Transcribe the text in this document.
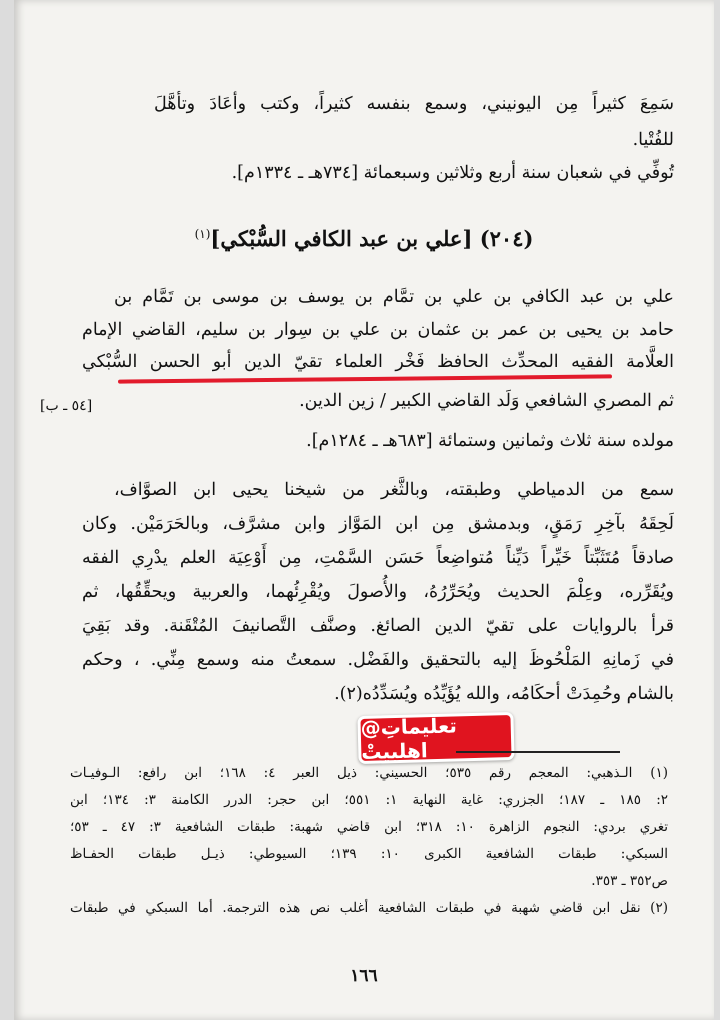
سَمِعَ كثيراً مِن اليونيني، وسمع بنفسه كثيراً، وكتب وأعَادَ وتأهَّلَ
للفُتْيا.
تُوفِّي في شعبان سنة أربع وثلاثين وسبعمائة [٧٣٤هـ ـ ١٣٣٤م].
(٢٠٤) [علي بن عبد الكافي السُّبْكي]$^{(١)}$
علي بن عبد الكافي بن علي بن تمَّام بن يوسف بن موسى بن تَمَّام بن
حامد بن يحيى بن عمر بن عثمان بن علي بن سِوار بن سليم، القاضي الإمام
العلَّامة الفقيه المحدِّث الحافظ فَخْر العلماء تقيّ الدين أبو الحسن السُّبْكي
ثم المصري الشافعي وَلَد القاضي الكبير / زين الدين.
[٥٤ ـ ب]
مولده سنة ثلاث وثمانين وستمائة [٦٨٣هـ ـ ١٢٨٤م].
سمع من الدمياطي وطبقته، وبالثَّغر من شيخنا يحيى ابن الصوَّاف،
لَحِقَهُ بآخِرِ رَمَقٍ، وبدمشق مِن ابن المَوَّاز وابن مشرَّف، وبالحَرَمَيْن. وكان
صادقاً مُتَثَبِّتاً خَيِّراً دَيِّناً مُتواضِعاً حَسَن السَّمْتِ، مِن أَوْعِيَة العلم يدْرِي الفقه
ويُقَرِّره، وعِلْمَ الحديث ويُحَرِّرُهُ، والأُصولَ ويُقْرِئُهما، والعربية ويحقِّقُها، ثم
قرأ بالروايات على تقيّ الدين الصائغ. وصنَّف التَّصانيفَ المُتْقَنة. وقد بَقِيَ
في زَمانِهِ المَلْحُوظَ إليه بالتحقيق والفَضْل. سمعتُ منه وسمع مِنِّي. ، وحكم
بالشام وحُمِدَتْ أحكَامُه، والله يُؤَيِّدُه ويُسَدِّدُه(٢).
@تعليماتِ اهلبيتْ
(١) الـذهبي: المعجم رقم ٥٣٥؛ الحسيني: ذيل العبر ٤: ١٦٨؛ ابن رافع: الـوفيـات
٢: ١٨٥ ـ ١٨٧؛ الجزري: غاية النهاية ١: ٥٥١؛ ابن حجر: الدرر الكامنة ٣: ١٣٤؛ ابن
تغري بردي: النجوم الزاهرة ١٠: ٣١٨؛ ابن قاضي شهبة: طبقات الشافعية ٣: ٤٧ ـ ٥٣؛
السبكي: طبقات الشافعية الكبرى ١٠: ١٣٩؛ السيوطي: ذيـل طبقات الحفـاظ
ص٣٥٢ ـ ٣٥٣.
(٢) نقل ابن قاضي شهبة في طبقات الشافعية أغلب نص هذه الترجمة. أما السبكي في طبقات
١٦٦
